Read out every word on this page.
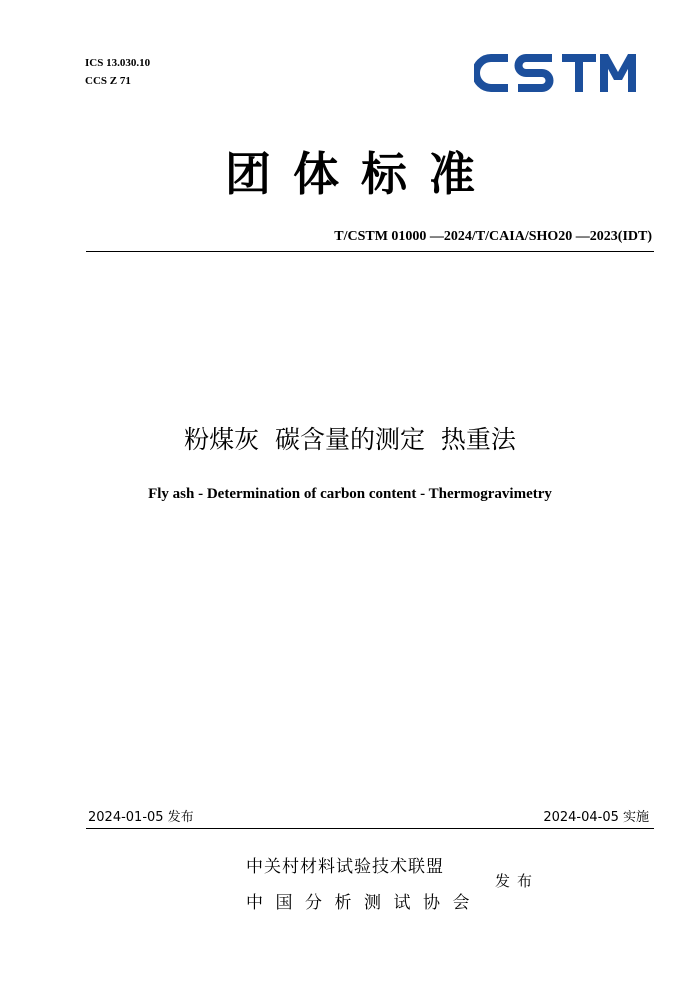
ICS 13.030.10
CCS Z 71
团体标准
T/CSTM 01000 —2024/T/CAIA/SHO20 —2023(IDT)
粉煤灰  碳含量的测定  热重法
Fly ash - Determination of carbon content - Thermogravimetry
2024-01-05 发布	2024-04-05 实施
中关村材料试验技术联盟
中国分析测试协会
发布
